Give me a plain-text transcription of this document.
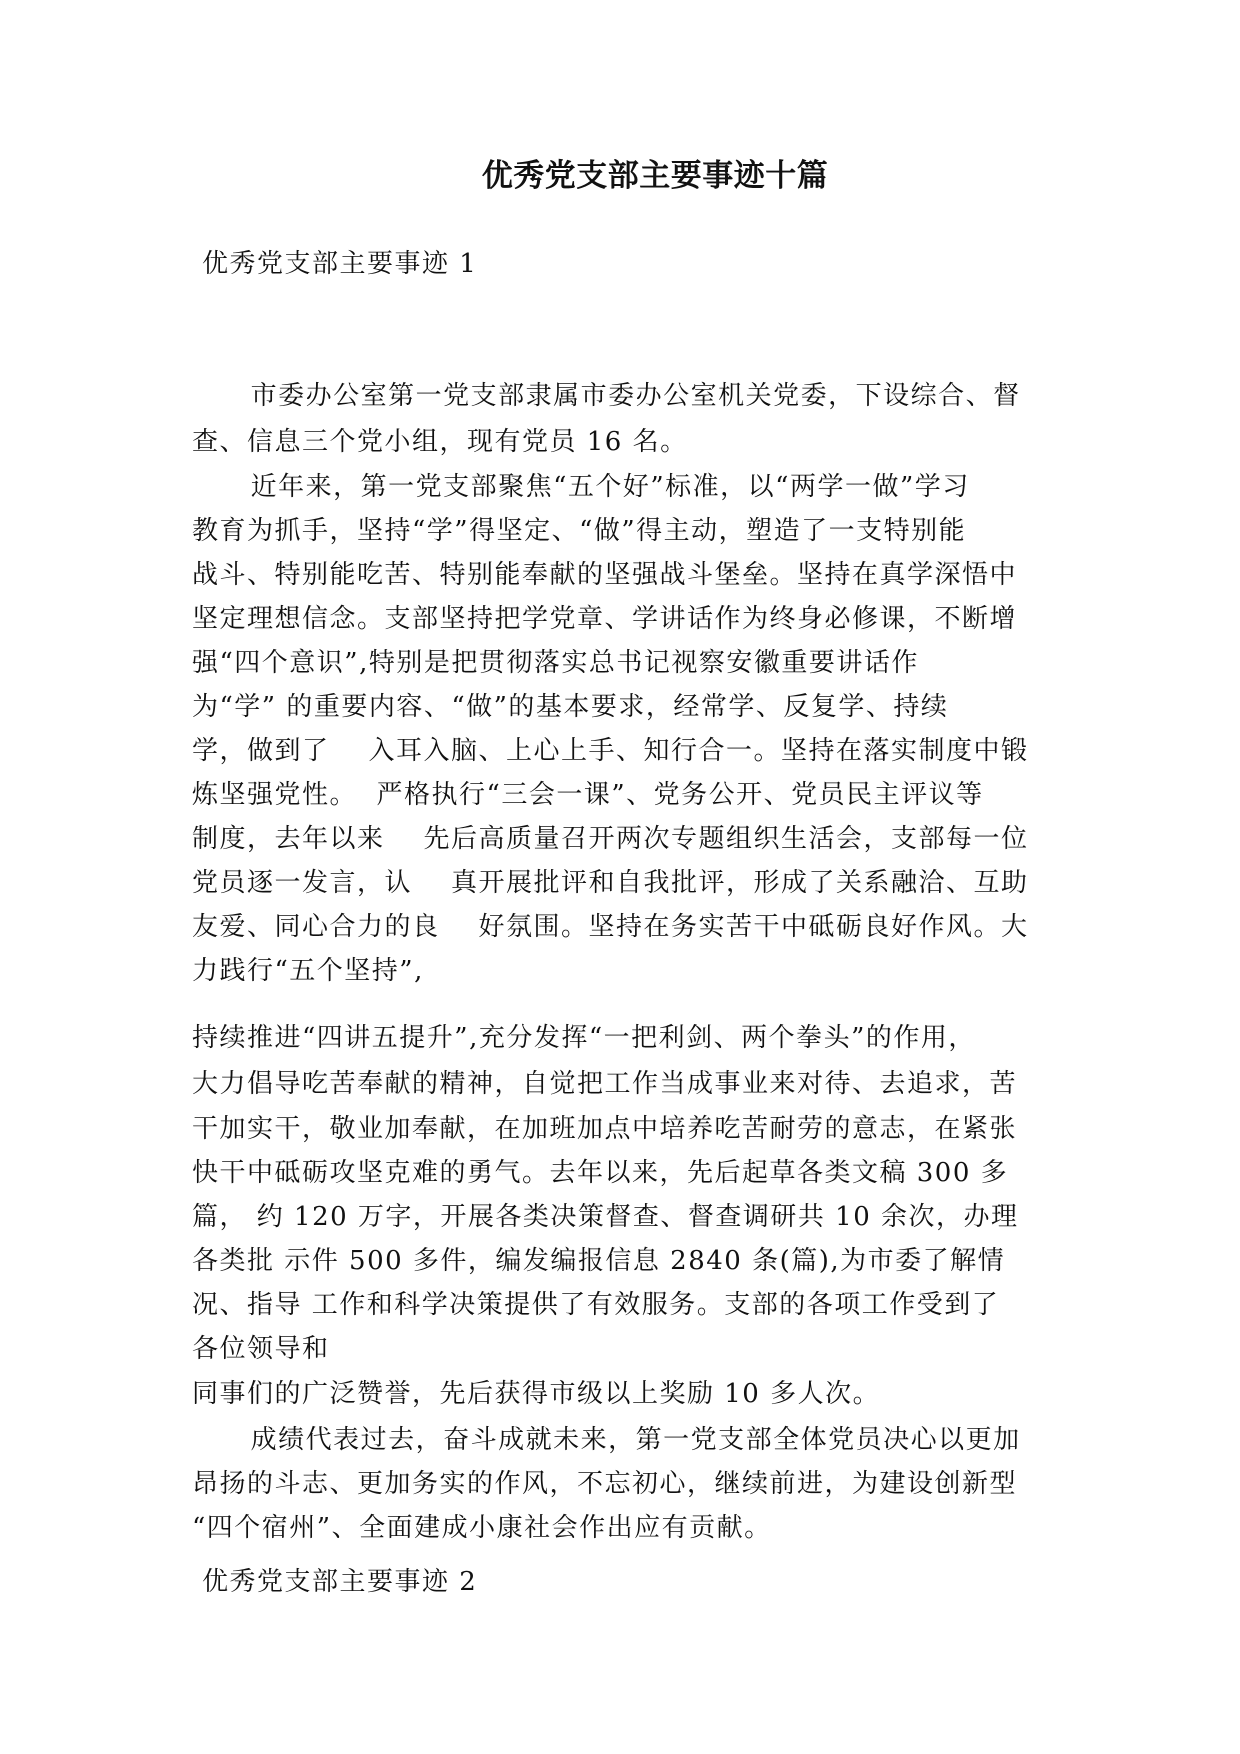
优秀党支部主要事迹十篇
优秀党支部主要事迹 1
市委办公室第一党支部隶属市委办公室机关党委，下设综合、督
查、信息三个党小组，现有党员 16 名。
近年来，第一党支部聚焦“五个好”标准，以“两学一做”学习
教育为抓手，坚持“学”得坚定、“做”得主动，塑造了一支特别能
战斗、特别能吃苦、特别能奉献的坚强战斗堡垒。坚持在真学深悟中
坚定理想信念。支部坚持把学党章、学讲话作为终身必修课，不断增
强“四个意识”,特别是把贯彻落实总书记视察安徽重要讲话作
为“学” 的重要内容、“做”的基本要求，经常学、反复学、持续
学，做到了    入耳入脑、上心上手、知行合一。坚持在落实制度中锻
炼坚强党性。  严格执行“三会一课”、党务公开、党员民主评议等
制度，去年以来    先后高质量召开两次专题组织生活会，支部每一位
党员逐一发言，认    真开展批评和自我批评，形成了关系融洽、互助
友爱、同心合力的良    好氛围。坚持在务实苦干中砥砺良好作风。大
力践行“五个坚持”,
持续推进“四讲五提升”,充分发挥“一把利剑、两个拳头”的作用，
大力倡导吃苦奉献的精神，自觉把工作当成事业来对待、去追求，苦
干加实干，敬业加奉献，在加班加点中培养吃苦耐劳的意志，在紧张
快干中砥砺攻坚克难的勇气。去年以来，先后起草各类文稿 300 多
篇， 约 120 万字，开展各类决策督查、督查调研共 10 余次，办理
各类批 示件 500 多件，编发编报信息 2840 条(篇),为市委了解情
况、指导 工作和科学决策提供了有效服务。支部的各项工作受到了
各位领导和
同事们的广泛赞誉，先后获得市级以上奖励 10 多人次。
成绩代表过去，奋斗成就未来，第一党支部全体党员决心以更加
昂扬的斗志、更加务实的作风，不忘初心，继续前进，为建设创新型
“四个宿州”、全面建成小康社会作出应有贡献。
优秀党支部主要事迹 2
